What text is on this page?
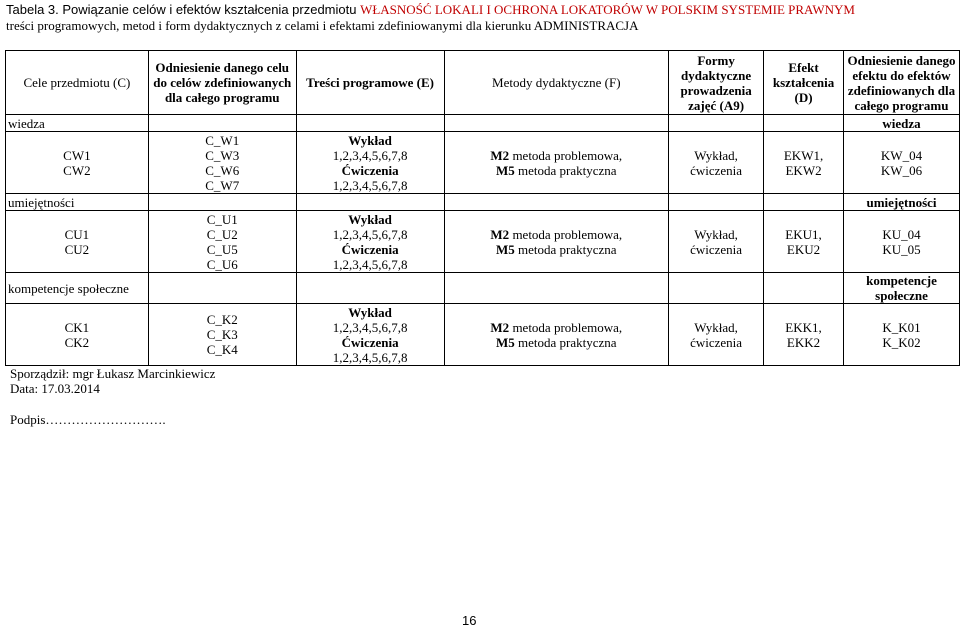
Tabela 3. Powiązanie celów i efektów kształcenia przedmiotu WŁASNOŚĆ LOKALI I OCHRONA LOKATORÓW W POLSKIM SYSTEMIE PRAWNYM
treści programowych, metod i form dydaktycznych z celami i efektami zdefiniowanymi dla kierunku ADMINISTRACJA
Cele przedmiotu (C)	Odniesienie danego celu do celów zdefiniowanych dla całego programu	Treści programowe (E)	Metody dydaktyczne (F)	Formy dydaktyczne prowadzenia zajęć (A9)	Efekt kształcenia (D)	Odniesienie danego efektu do efektów zdefiniowanych dla całego programu
wiedza						wiedza

CW1
CW2	C_W1
C_W3
C_W6
C_W7	Wykład
1,2,3,4,5,6,7,8
Ćwiczenia
1,2,3,4,5,6,7,8	M2 metoda problemowa,
M5 metoda praktyczna	Wykład,
ćwiczenia	EKW1,
EKW2	KW_04
KW_06

umiejętności						umiejętności

CU1
CU2	C_U1
C_U2
C_U5
C_U6	Wykład
1,2,3,4,5,6,7,8
Ćwiczenia
1,2,3,4,5,6,7,8	M2 metoda problemowa,
M5 metoda praktyczna	Wykład,
ćwiczenia	EKU1,
EKU2	KU_04
KU_05

kompetencje społeczne						kompetencje społeczne

CK1
CK2	C_K2
C_K3
C_K4	Wykład
1,2,3,4,5,6,7,8
Ćwiczenia
1,2,3,4,5,6,7,8	M2 metoda problemowa,
M5 metoda praktyczna	Wykład,
ćwiczenia	EKK1,
EKK2	K_K01
K_K02
Sporządził: mgr Łukasz Marcinkiewicz
Data: 17.03.2014
Podpis……………………….
16
